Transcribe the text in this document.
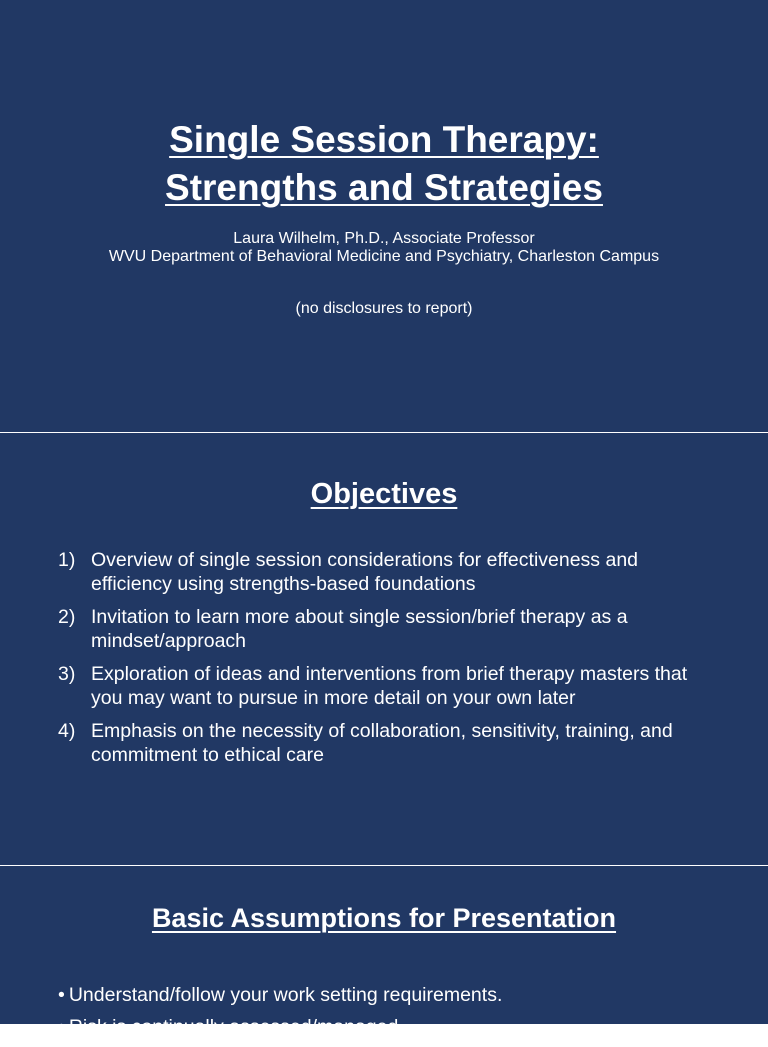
Single Session Therapy:
Strengths and Strategies
Laura Wilhelm, Ph.D., Associate Professor
WVU Department of Behavioral Medicine and Psychiatry, Charleston Campus
(no disclosures to report)
Objectives
1) Overview of single session considerations for effectiveness and efficiency using strengths-based foundations
2) Invitation to learn more about single session/brief therapy as a mindset/approach
3) Exploration of ideas and interventions from brief therapy masters that you may want to pursue in more detail on your own later
4) Emphasis on the necessity of collaboration, sensitivity, training, and commitment to ethical care
Basic Assumptions for Presentation
• Understand/follow your work setting requirements.
• Risk is continually assessed/managed.
